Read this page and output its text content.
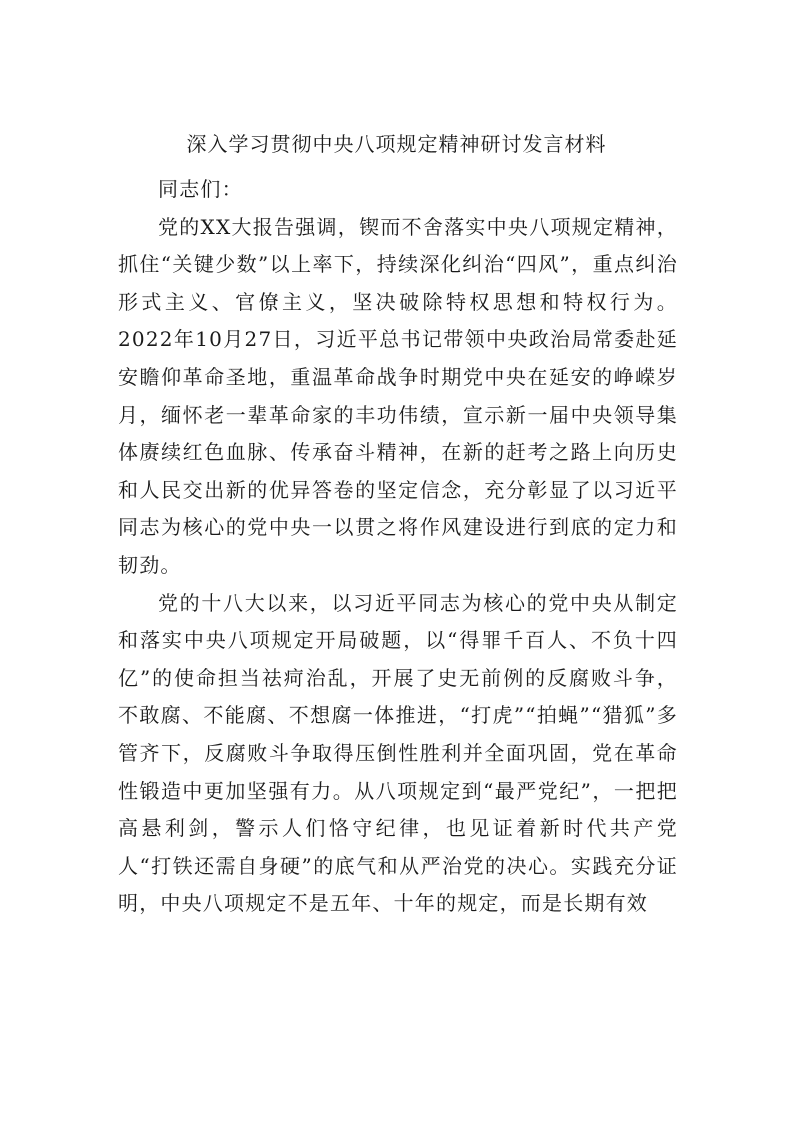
深入学习贯彻中央八项规定精神研讨发言材料

同志们：

党的XX大报告强调，锲而不舍落实中央八项规定精神，抓住“关键少数”以上率下，持续深化纠治“四风”，重点纠治形式主义、官僚主义，坚决破除特权思想和特权行为。2022年10月27日，习近平总书记带领中央政治局常委赴延安瞻仰革命圣地，重温革命战争时期党中央在延安的峥嵘岁月，缅怀老一辈革命家的丰功伟绩，宣示新一届中央领导集体赓续红色血脉、传承奋斗精神，在新的赶考之路上向历史和人民交出新的优异答卷的坚定信念，充分彰显了以习近平同志为核心的党中央一以贯之将作风建设进行到底的定力和韧劲。

党的十八大以来，以习近平同志为核心的党中央从制定和落实中央八项规定开局破题，以“得罪千百人、不负十四亿”的使命担当祛疴治乱，开展了史无前例的反腐败斗争，不敢腐、不能腐、不想腐一体推进，“打虎”“拍蝇”“猎狐”多管齐下，反腐败斗争取得压倒性胜利并全面巩固，党在革命性锻造中更加坚强有力。从八项规定到“最严党纪”，一把把高悬利剑，警示人们恪守纪律，也见证着新时代共产党人“打铁还需自身硬”的底气和从严治党的决心。实践充分证明，中央八项规定不是五年、十年的规定，而是长期有效
